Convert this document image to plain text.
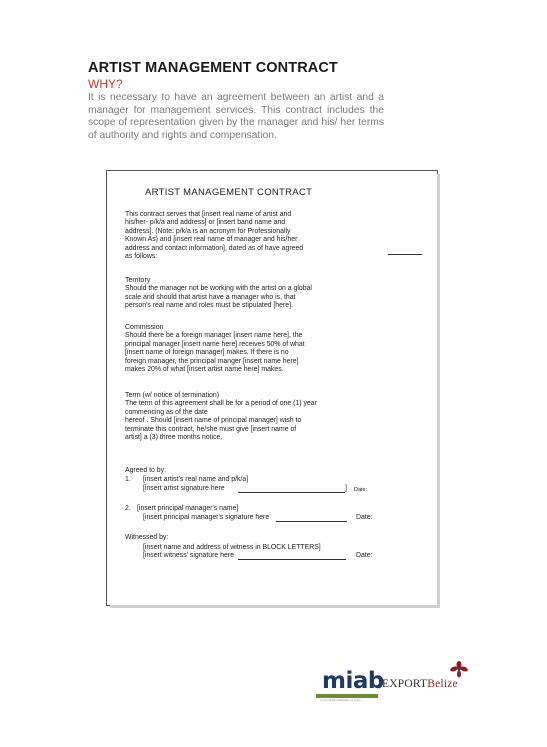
ARTIST MANAGEMENT CONTRACT
WHY?
It is necessary to have an agreement between an artist and a manager for management services. This contract includes the scope of representation given by the manager and his/ her terms of authority and rights and compensation.
ARTIST MANAGEMENT CONTRACT
This contract serves that [insert real name of artist and
his/her- p/k/a and address] or [insert band name and
address]. (Note: p/k/a is an acronym for Professionally
Known As) and [insert real name of manager and his/her
address and contact information], dated as of have agreed
as follows:
Territory
Should the manager not be working with the artist on a global
scale and should that artist have a manager who is, that
person's real name and roles must be stipulated [here].
Commission
Should there be a foreign manager [insert name here], the
principal manager [insert name here] receives 50% of what
[insert name of foreign manager] makes. If there is no
foreign manager, the principal manger [insert name here]
makes 20% of what [insert artist name here] makes.
Term (w/ notice of termination)
The term of this agreement shall be for a period of one (1) year
commencing as of the date
hereof . Should [insert name of principal manager] wish to
terminate this contract, he/she must give [insert name of
artist] a (3) three months notice.
Agreed to by:
1. [insert artist's real name and p/k/a]
[insert artist signature here	] Date:
2. [insert principal manager's name]
[insert principal manager's signature here	Date:
Witnessed by:
[insert name and address of witness in BLOCK LETTERS]
[insert witness' signature here	Date:
miab
music industry association of belize
EXPORTBelize
